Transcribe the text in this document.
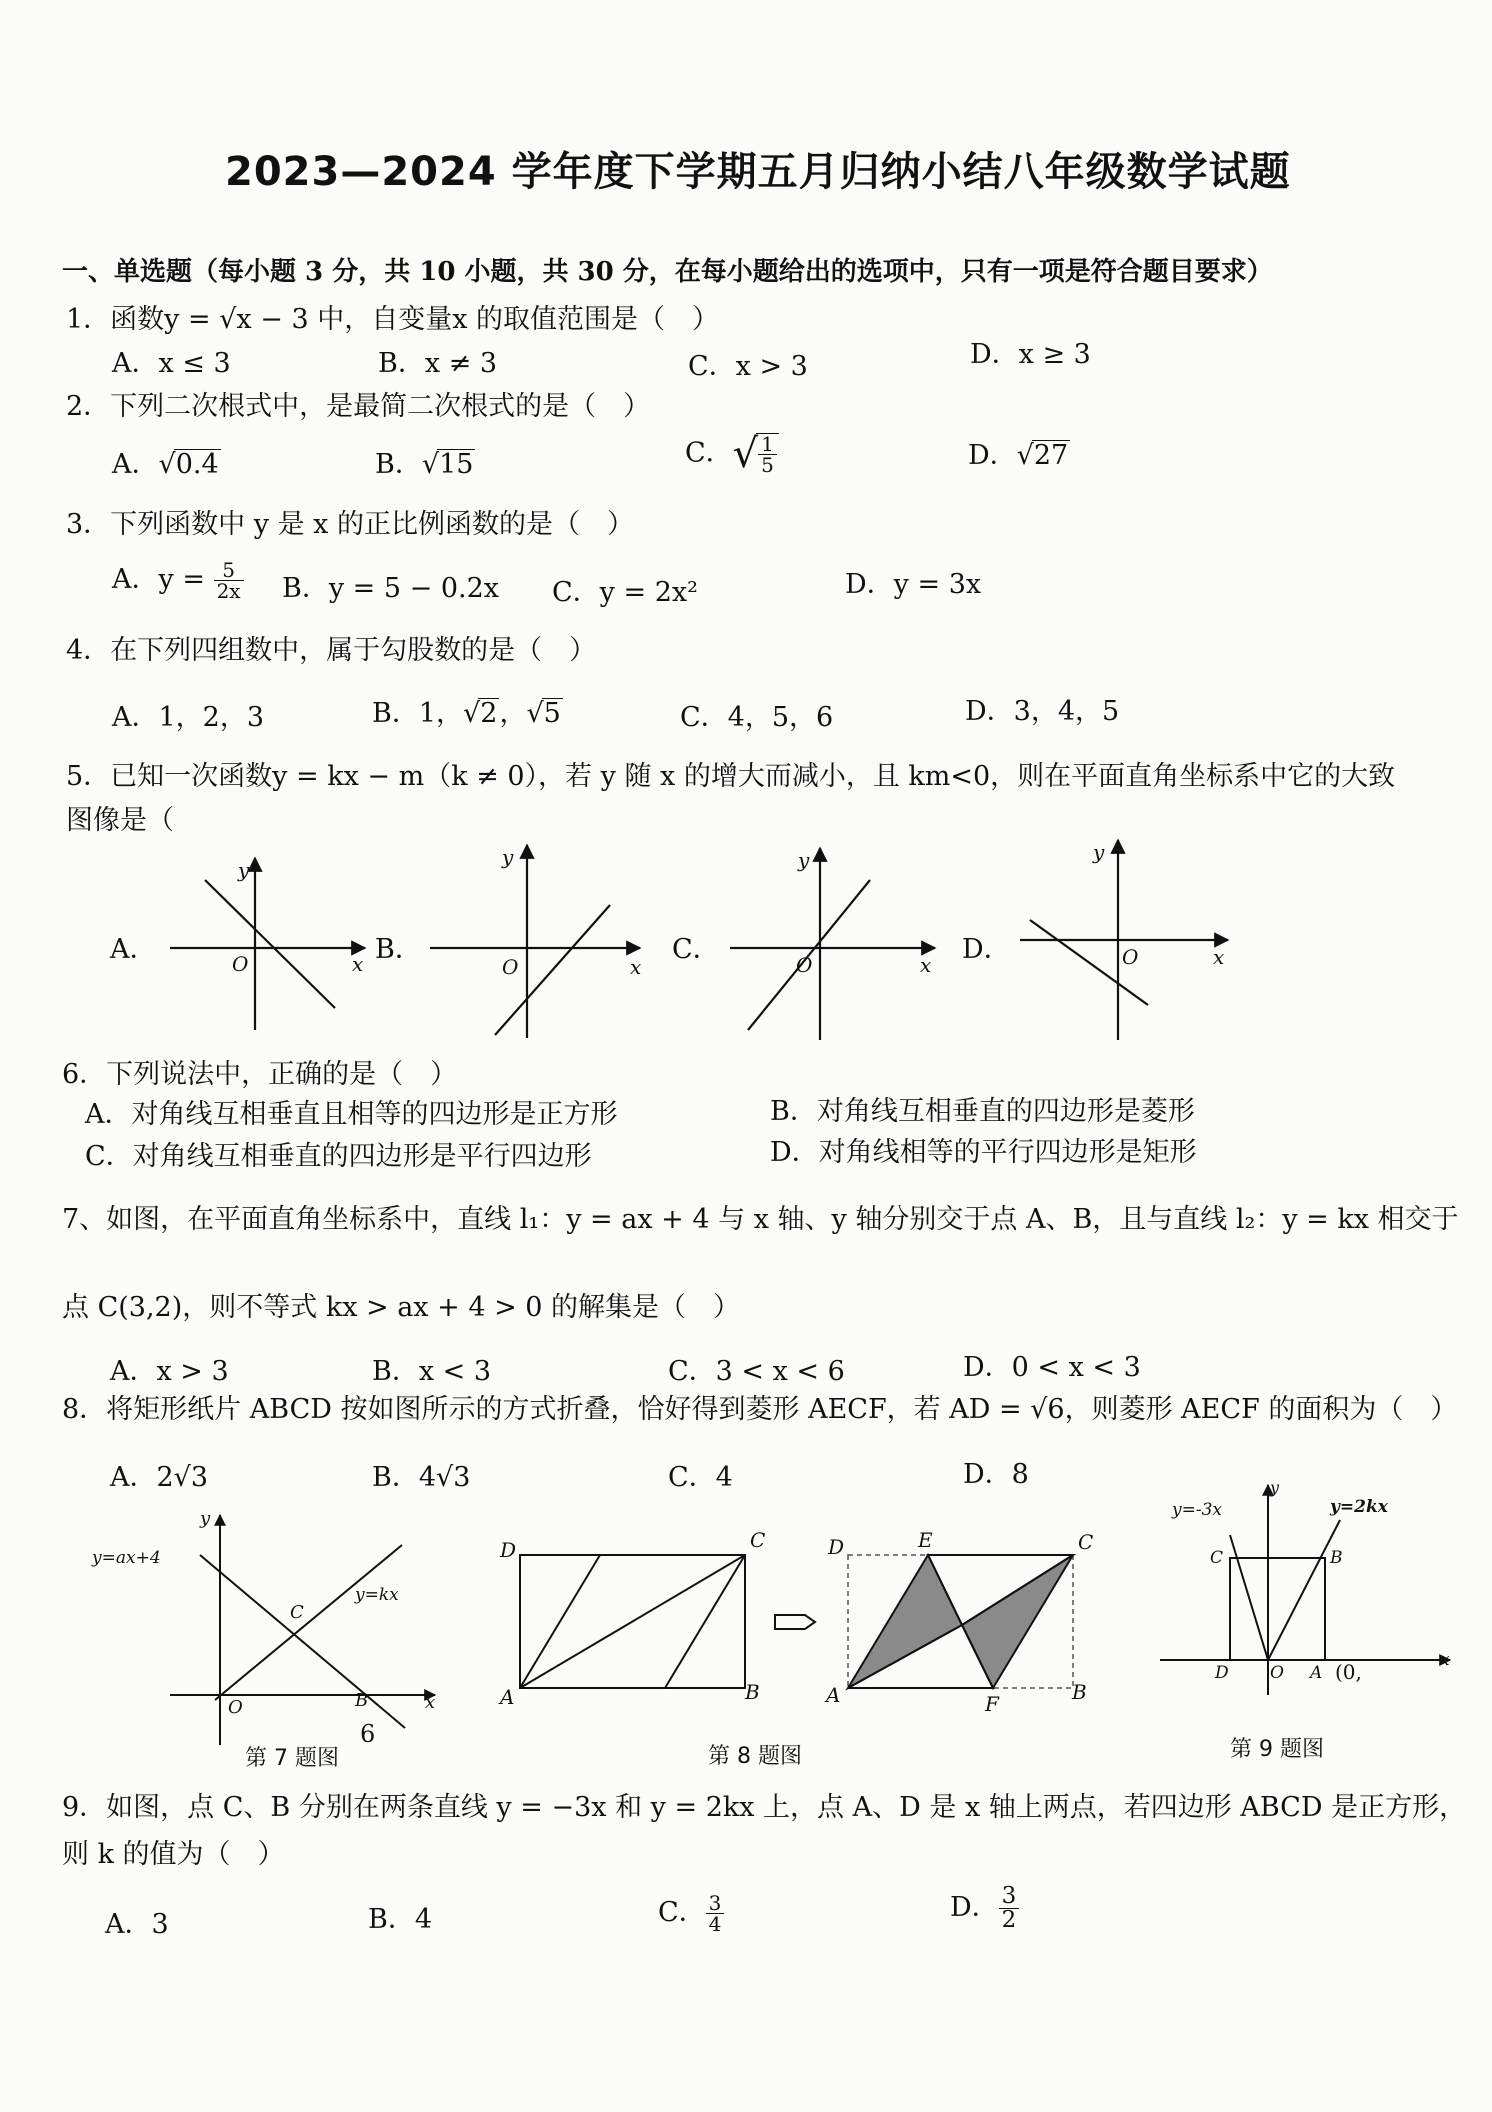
2023—2024 学年度下学期五月归纳小结八年级数学试题
一、单选题（每小题 3 分，共 10 小题，共 30 分，在每小题给出的选项中，只有一项是符合题目要求）
1．函数y = √x − 3 中，自变量x 的取值范围是（　）
A．x ≤ 3	B．x ≠ 3	C．x > 3	D．x ≥ 3
2．下列二次根式中，是最简二次根式的是（　）
A．√0.4	B．√15	C．√
$\frac{1}{5}$	D．√27
3．下列函数中 y 是 x 的正比例函数的是（　）
A．$y = \frac{5}{2x}$ B．y = 5 − 0.2x C．y = 2x²	D．y = 3x
4．在下列四组数中，属于勾股数的是（　）
A．1，2，3	B．1，√2，√5	C．4，5，6	D．3，4，5
5．已知一次函数y = kx − m（k ≠ 0），若 y 随 x 的增大而减小，且 km<0，则在平面直角坐标系中它的大致
图像是（
A．	B．	C．	D．
y
x
O
y
x
O
y
x
O
y
x
O
6．下列说法中，正确的是（　）
A．对角线互相垂直且相等的四边形是正方形	B．对角线互相垂直的四边形是菱形
C．对角线互相垂直的四边形是平行四边形	D．对角线相等的平行四边形是矩形
7、如图，在平面直角坐标系中，直线 l₁：y = ax + 4 与 x 轴、y 轴分别交于点 A、B，且与直线 l₂：y = kx 相交于
点 C(3,2)，则不等式 kx > ax + 4 > 0 的解集是（　）
A．x > 3	B．x < 3	C．3 < x < 6	D．0 < x < 3
8．将矩形纸片 ABCD 按如图所示的方式折叠，恰好得到菱形 AECF，若 AD = √6，则菱形 AECF 的面积为（　）
A．2√3	B．4√3	C．4	D．8
y=ax+4
y=kx
y
x
O	B
C
6
第 7 题图
D	C
A	B
D	E	C
A	F	B
第 8 题图
y=-3x	y=2kx
y
x
C	B
D O A (0,
第 9 题图
9．如图，点 C、B 分别在两条直线 y = −3x 和 y = 2kx 上，点 A、D 是 x 轴上两点，若四边形 ABCD 是正方形，
则 k 的值为（　）
A．3	B．4	C． $\frac{3}{4}$	D． $\frac{3}{2}$
